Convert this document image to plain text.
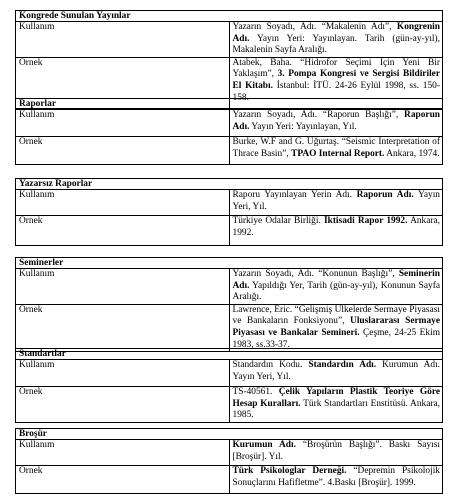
Kongrede Sunulan Yayınlar	
Kullanım	Yazarın Soyadı, Adı. “Makalenin Adı”, Kongrenin Adı. Yayın Yeri: Yayınlayan. Tarih (gün-ay-yıl), Makalenin Sayfa Aralığı.
Örnek	Atabek, Baha. “Hidrofor Seçimi İçin Yeni Bir Yaklaşım”, 3. Pompa Kongresi ve Sergisi Bildiriler El Kitabı. İstanbul: İTÜ. 24-26 Eylül 1998, ss. 150-158.
Raporlar	
Kullanım	Yazarın Soyadı, Adı. “Raporun Başlığı”, Raporun Adı. Yayın Yeri: Yayınlayan, Yıl.
Örnek	Burke, W.F and G. Uğurtaş. “Seismic Interpretation of Thrace Basin”, TPAO Internal Report. Ankara, 1974.
Yazarsız Raporlar	
Kullanım	Raporu Yayınlayan Yerin Adı. Raporun Adı. Yayın Yeri, Yıl.
Örnek	Türkiye Odalar Birliği. İktisadi Rapor 1992. Ankara, 1992.
Seminerler	
Kullanım	Yazarın Soyadı, Adı. “Konunun Başlığı”, Seminerin Adı. Yapıldığı Yer, Tarih (gün-ay-yıl), Konunun Sayfa Aralığı.
Örnek	Lawrence, Eric. “Gelişmiş Ülkelerde Sermaye Piyasası ve Bankaların Fonksiyonu”, Uluslararası Sermaye Piyasası ve Bankalar Semineri. Çeşme, 24-25 Ekim 1983, ss.33-37.
Standartlar	
Kullanım	Standardın Kodu. Standardın Adı. Kurumun Adı. Yayın Yeri, Yıl.
Örnek	TS-40561. Çelik Yapıların Plastik Teoriye Göre Hesap Kuralları. Türk Standartları Enstitüsü. Ankara, 1985.
Broşür	
Kullanım	Kurumun Adı. “Broşürün Başlığı”. Baskı Sayısı [Broşür]. Yıl.
Örnek	Türk Psikologlar Derneği. “Depremin Psikolojik Sonuçlarını Hafifletme”. 4.Baskı [Broşür]. 1999.
